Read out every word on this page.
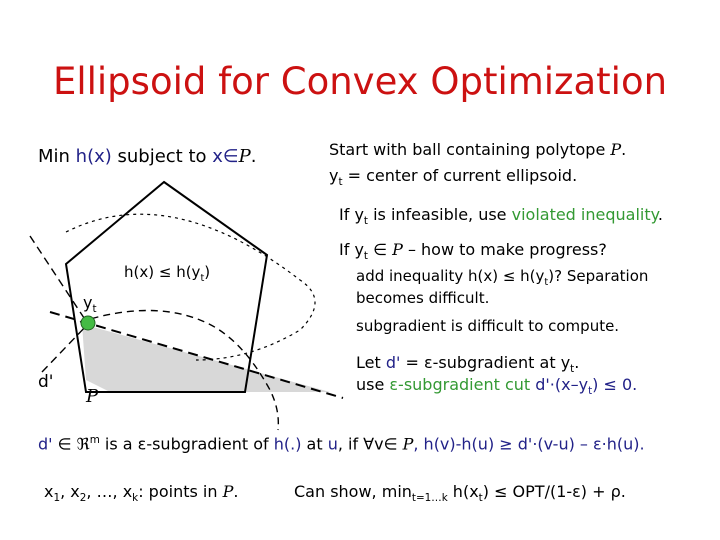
Ellipsoid for Convex Optimization
$h(x) \le h(y_t)$
$y_t$
d'
P
Min h(x) subject to x∈P.	Start with ball containing polytope P.
$y_t$ = center of current ellipsoid.
If $y_t$ is infeasible, use violated inequality.
If $y_t$ ∈ P – how to make progress?
add inequality $h(x) \le h(y_t)$? Separation
becomes difficult.
subgradient is difficult to compute.
Let d' = ε-subgradient at $y_t$.
use ε-subgradient cut $d'\cdot(x-y_t) \le 0$.
d' ∈ ℜ$^m$ is a ε-subgradient of h(.) at u, if ∀v∈ P, h(v)-h(u) ≥ d'·(v-u) – ε·h(u).
$x_1$, $x_2$, …, $x_k$: points in P.	Can show, $\min_{t=1\dots k} h(x_t) \le OPT/(1-\varepsilon) + \rho$.
